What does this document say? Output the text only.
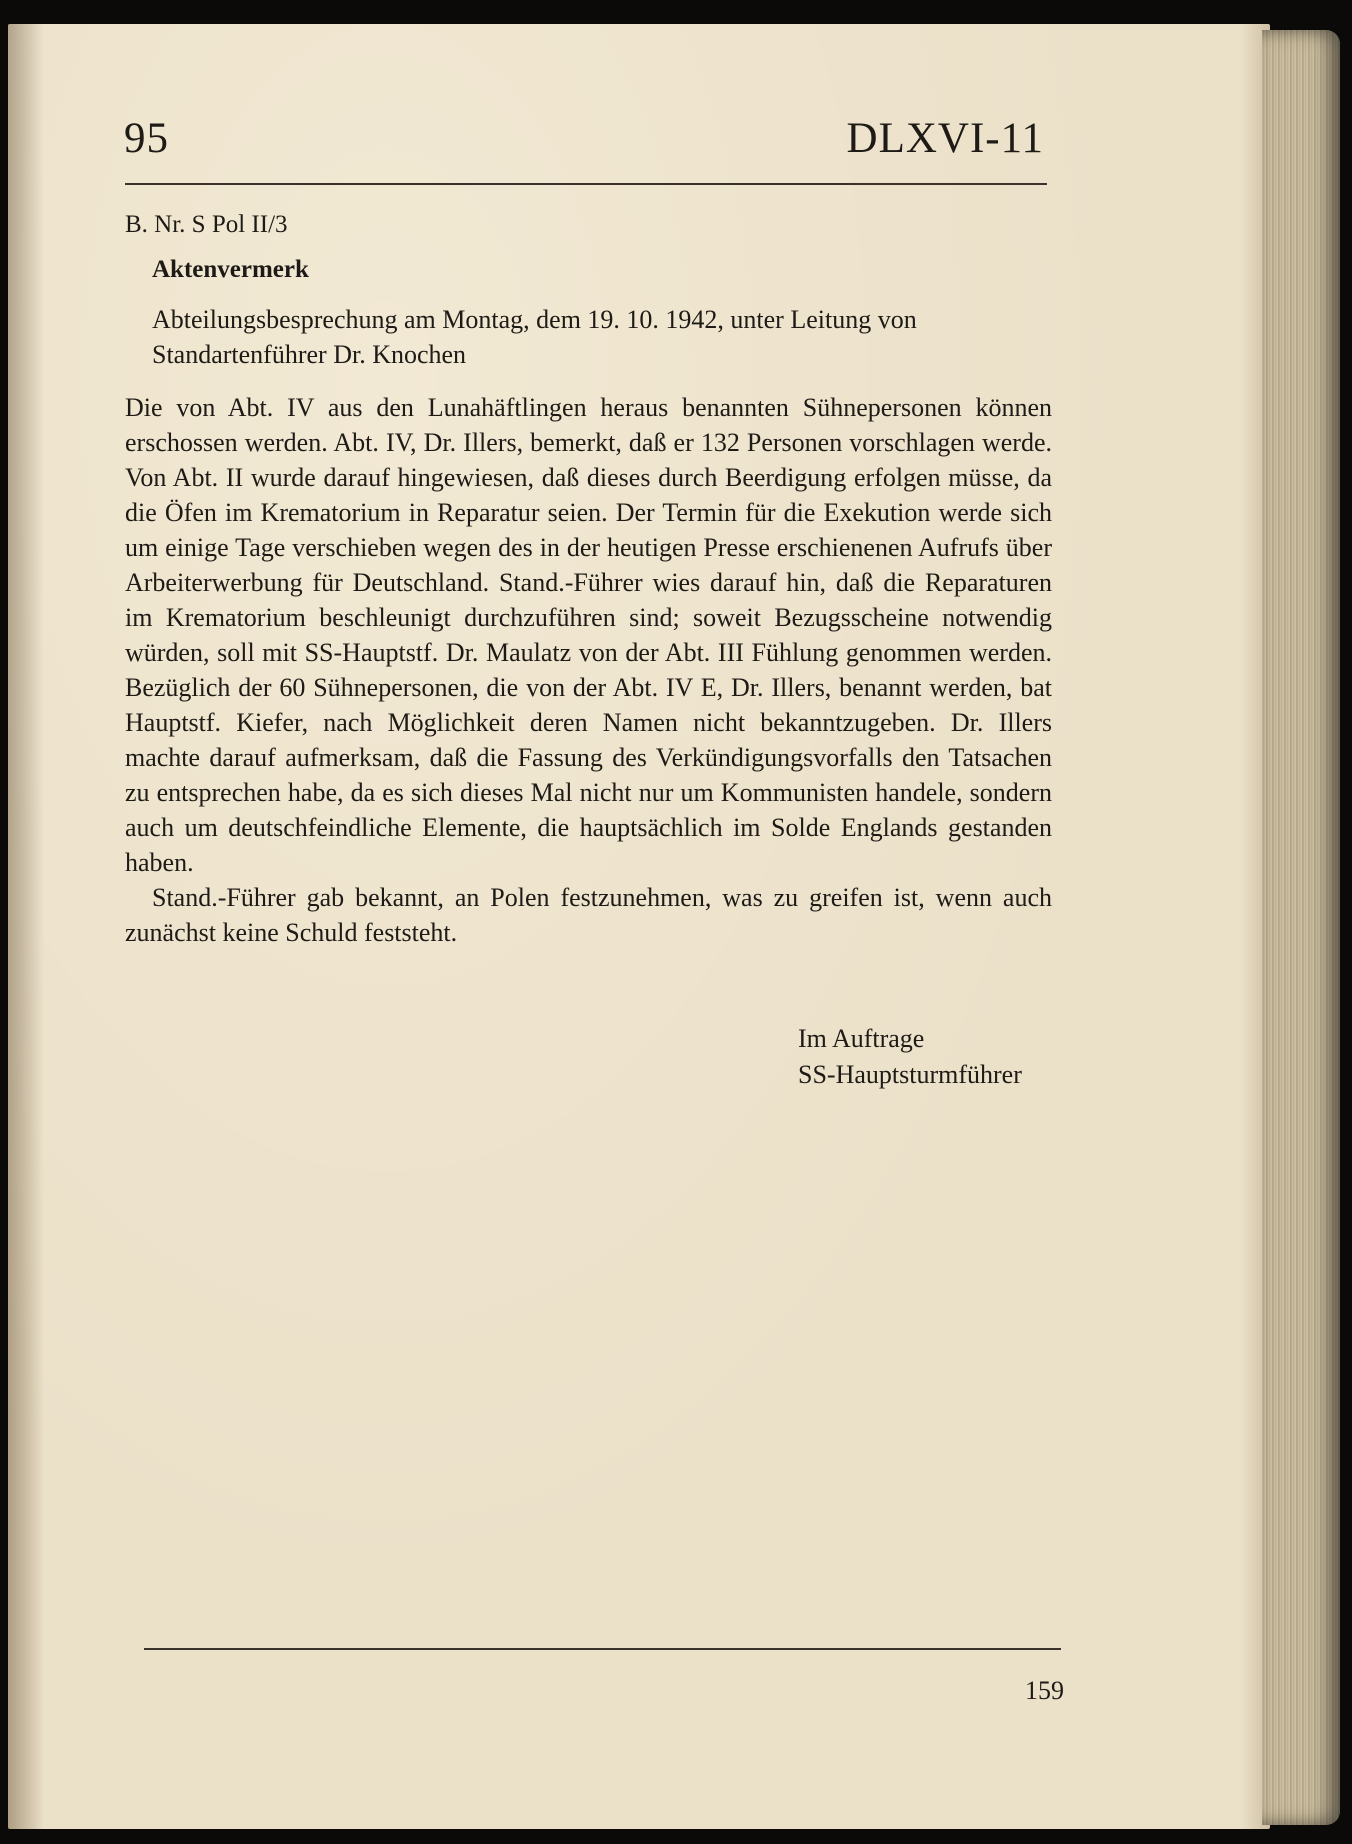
95	DLXVI-11
B. Nr. S Pol II/3
Aktenvermerk
Abteilungsbesprechung am Montag, dem 19. 10. 1942, unter Leitung von Standartenführer Dr. Knochen

Die von Abt. IV aus den Lunahäftlingen heraus benannten Sühnepersonen können erschossen werden. Abt. IV, Dr. Illers, bemerkt, daß er 132 Personen vorschlagen werde. Von Abt. II wurde darauf hingewiesen, daß dieses durch Beerdigung erfolgen müsse, da die Öfen im Krematorium in Reparatur seien. Der Termin für die Exekution werde sich um einige Tage verschieben wegen des in der heutigen Presse erschienenen Aufrufs über Arbeiterwerbung für Deutschland. Stand.-Führer wies darauf hin, daß die Reparaturen im Krematorium beschleunigt durchzuführen sind; soweit Bezugsscheine notwendig würden, soll mit SS-Hauptstf. Dr. Maulatz von der Abt. III Fühlung genommen werden. Bezüglich der 60 Sühnepersonen, die von der Abt. IV E, Dr. Illers, benannt werden, bat Hauptstf. Kiefer, nach Möglichkeit deren Namen nicht bekanntzugeben. Dr. Illers machte darauf aufmerksam, daß die Fassung des Verkündigungsvorfalls den Tatsachen zu entsprechen habe, da es sich dieses Mal nicht nur um Kommunisten handele, sondern auch um deutschfeindliche Elemente, die hauptsächlich im Solde Englands gestanden haben.

Stand.-Führer gab bekannt, an Polen festzunehmen, was zu greifen ist, wenn auch zunächst keine Schuld feststeht.

Im Auftrage
SS-Hauptsturmführer
159
